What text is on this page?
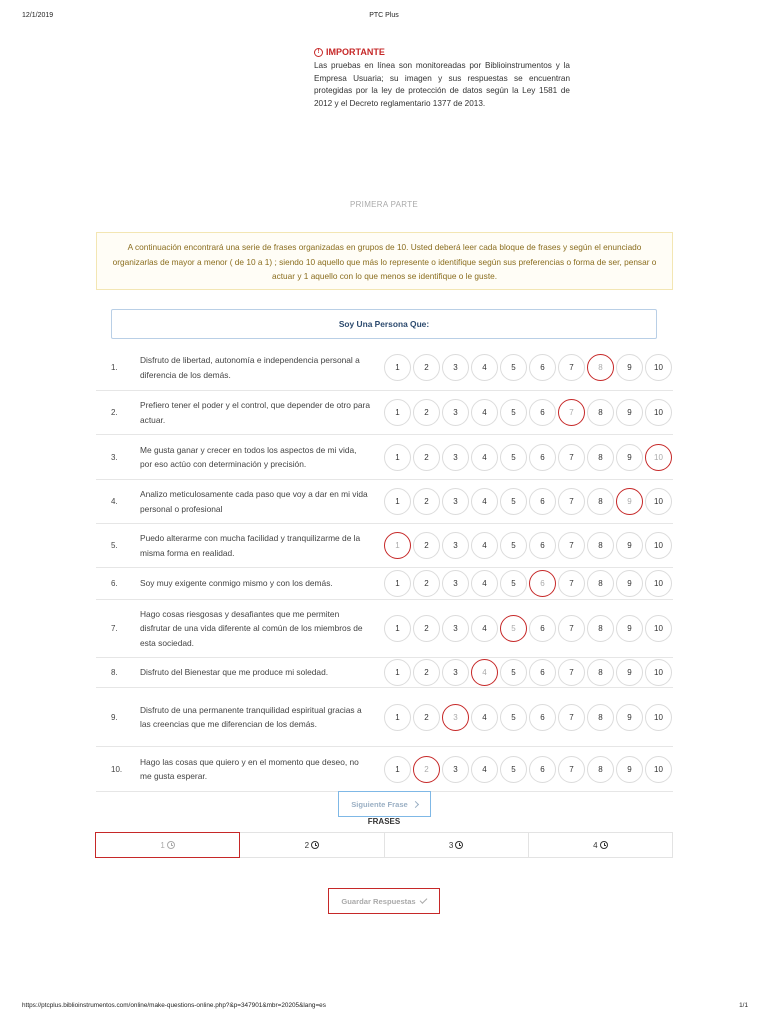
12/1/2019	PTC Plus
! IMPORTANTE
Las pruebas en línea son monitoreadas por Biblioinstrumentos y la Empresa Usuaria; su imagen y sus respuestas se encuentran protegidas por la ley de protección de datos según la Ley 1581 de 2012 y el Decreto reglamentario 1377 de 2013.
PRIMERA PARTE
A continuación encontrará una serie de frases organizadas en grupos de 10. Usted deberá leer cada bloque de frases y según el enunciado organizarlas de mayor a menor ( de 10 a 1) ; siendo 10 aquello que más lo represente o identifique según sus preferencias o forma de ser, pensar o actuar y 1 aquello con lo que menos se identifique o le guste.
Soy Una Persona Que:
1.
Disfruto de libertad, autonomía e independencia personal a diferencia de los demás.
1	2	3	4	5	6	7	8	9	10
2.
Prefiero tener el poder y el control, que depender de otro para actuar.
1	2	3	4	5	6	7	8	9	10
3.
Me gusta ganar y crecer en todos los aspectos de mi vida, por eso actúo con determinación y precisión.
1	2	3	4	5	6	7	8	9	10
4.
Analizo meticulosamente cada paso que voy a dar en mi vida personal o profesional
1	2	3	4	5	6	7	8	9	10
5.
Puedo alterarme con mucha facilidad y tranquilizarme de la misma forma en realidad.
1	2	3	4	5	6	7	8	9	10
6.	Soy muy exigente conmigo mismo y con los demás.	1	2	3	4	5	6	7	8	9	10
7.
Hago cosas riesgosas y desafiantes que me permiten disfrutar de una vida diferente al común de los miembros de esta sociedad.
1	2	3	4	5	6	7	8	9	10
8.	Disfruto del Bienestar que me produce mi soledad.	1	2	3	4	5	6	7	8	9	10
9.
Disfruto de una permanente tranquilidad espiritual gracias a las creencias que me diferencian de los demás.
1	2	3	4	5	6	7	8	9	10
10.
Hago las cosas que quiero y en el momento que deseo, no me gusta esperar.
1	2	3	4	5	6	7	8	9	10
Siguiente Frase
FRASES
1	2	3	4
Guardar Respuestas
https://ptcplus.biblioinstrumentos.com/online/make-questions-online.php?&p=347901&mbr=20205&lang=es	1/1
